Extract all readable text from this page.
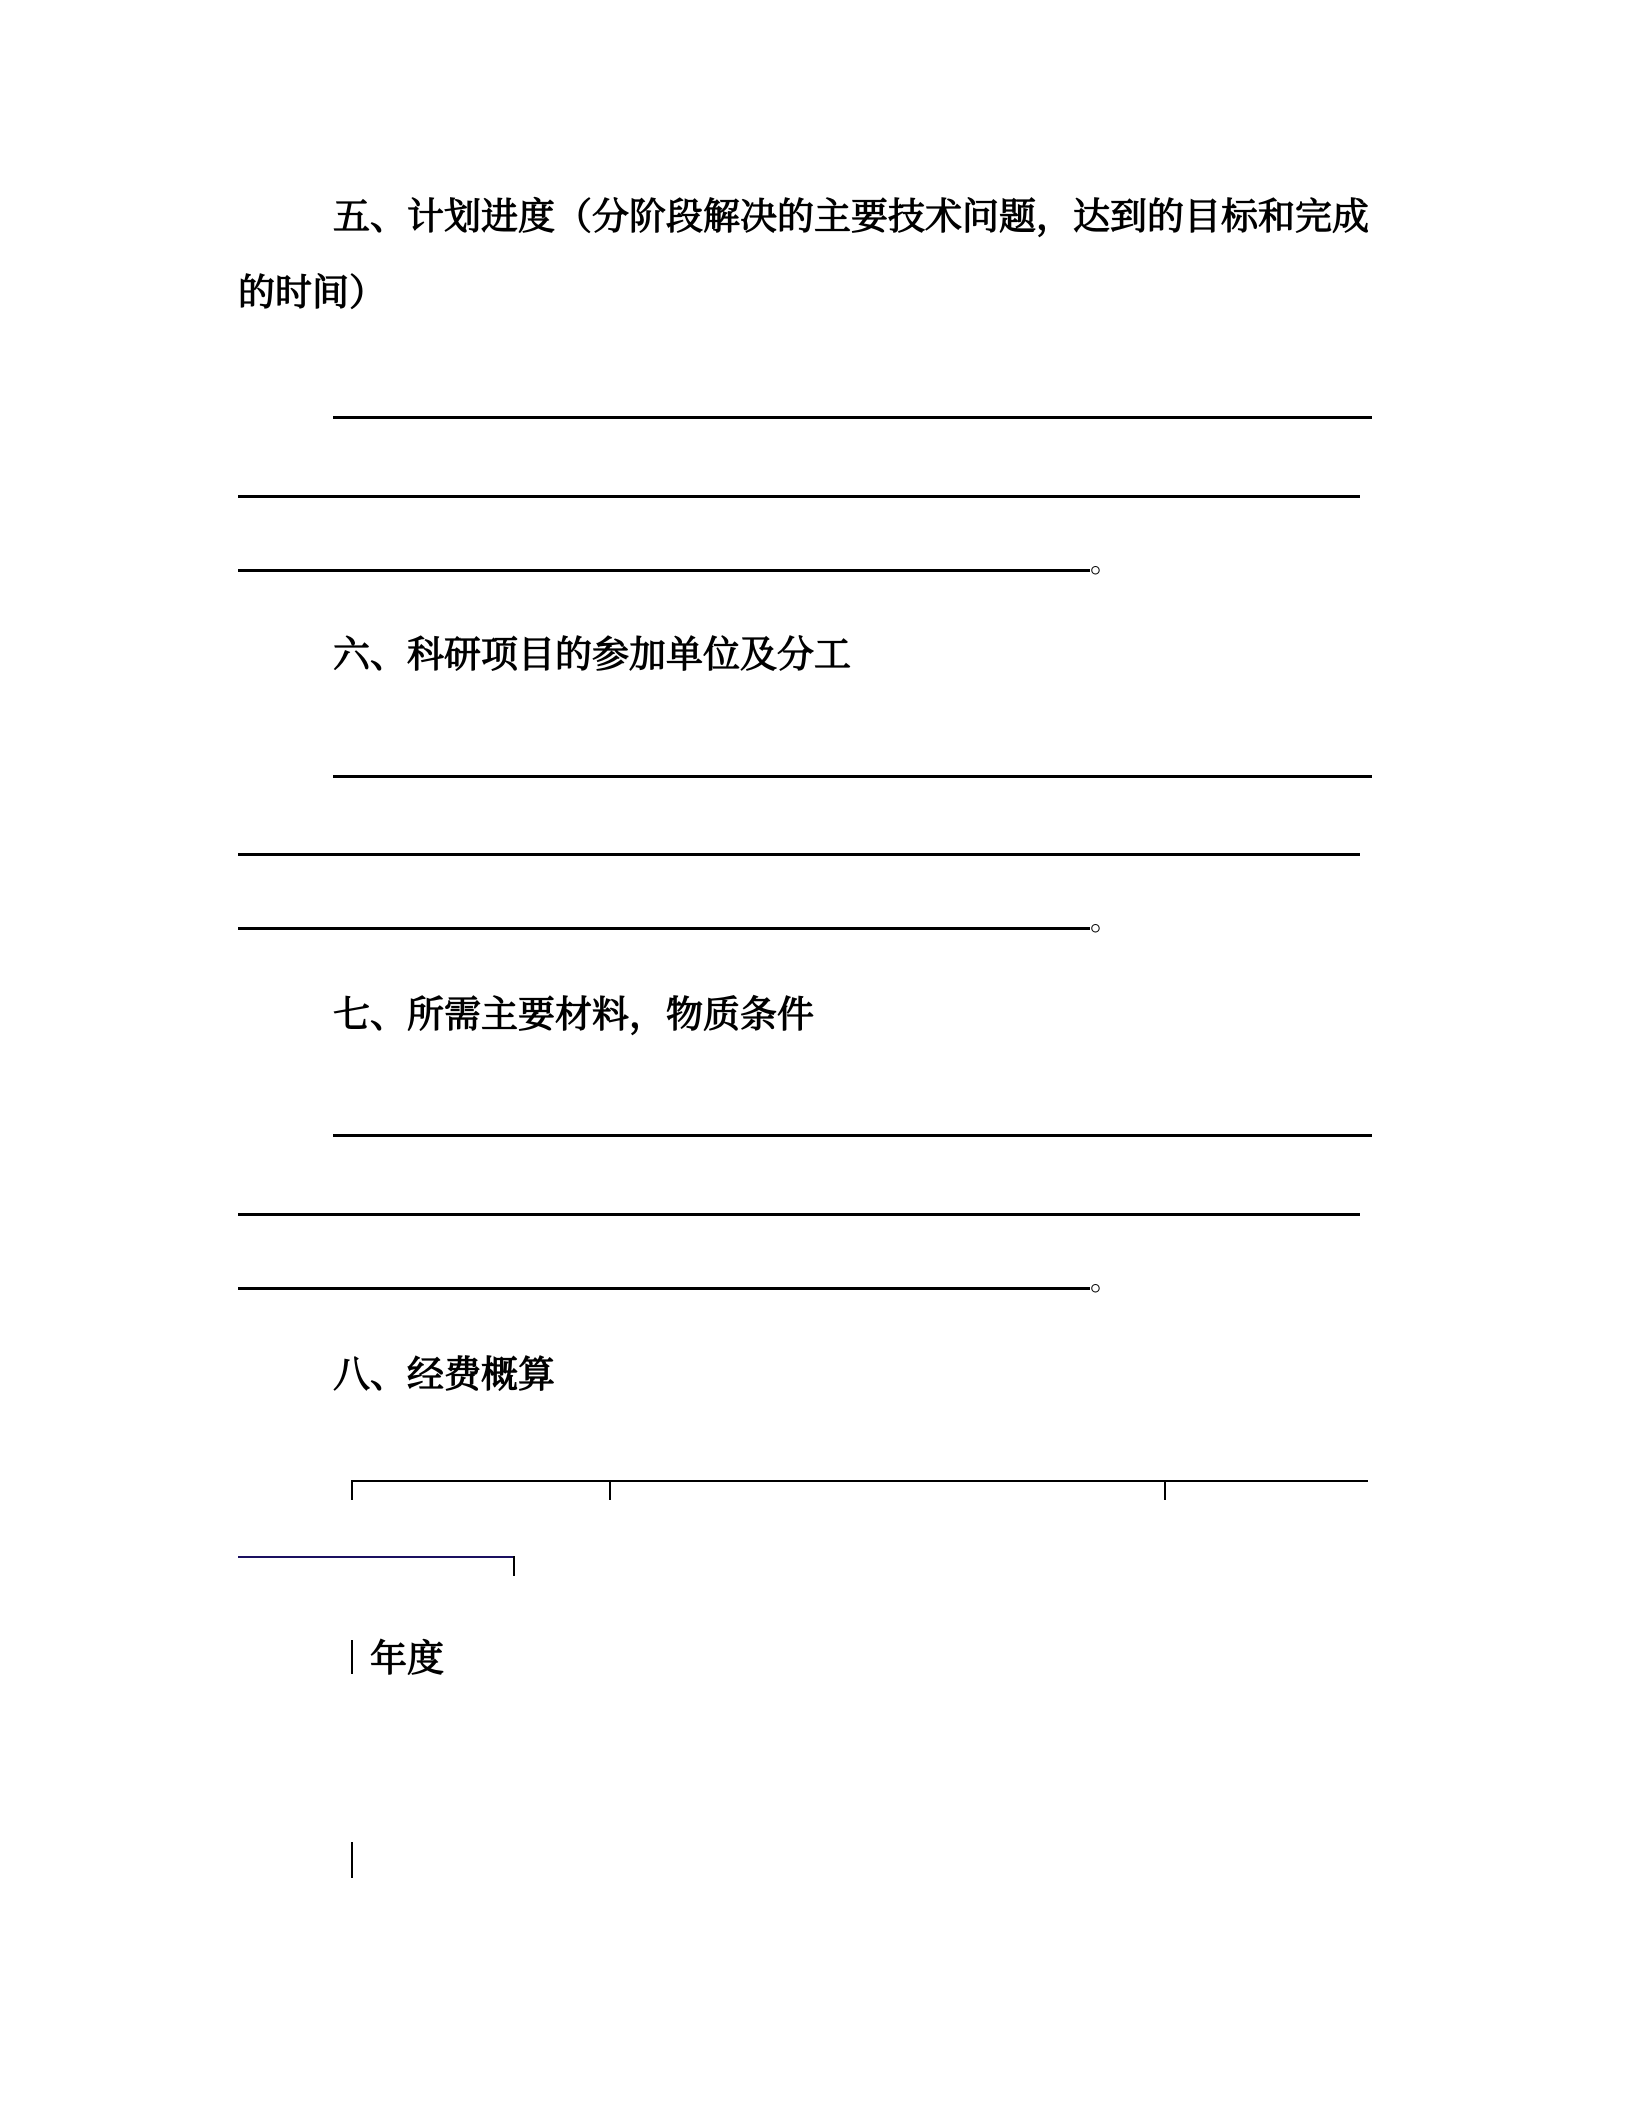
五、计划进度（分阶段解决的主要技术问题，达到的目标和完成
的时间）
。
六、科研项目的参加单位及分工
。
七、所需主要材料，物质条件
。
八、经费概算
年度
